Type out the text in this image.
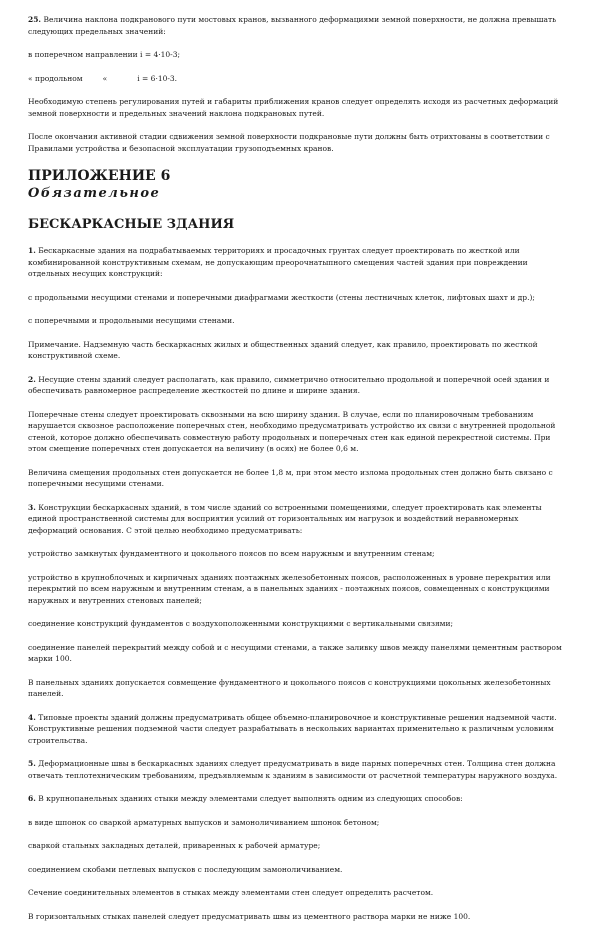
25. Величина наклона подкранового пути мостовых кранов, вызванного деформациями земной поверхности, не должна превышать следующих предельных значений:

в поперечном направлении i = 4·10-3;

« продольном	«	i = 6·10-3.

Необходимую степень регулирования путей и габариты приближения кранов следует определять исходя из расчетных деформаций земной поверхности и предельных значений наклона подкрановых путей.

После окончания активной стадии сдвижения земной поверхности подкрановые пути должны быть отрихтованы в соответствии с Правилами устройства и безопасной эксплуатации грузоподъемных кранов.

ПРИЛОЖЕНИЕ 6
Обязательное
БЕСКАРКАСНЫЕ ЗДАНИЯ

1. Бескаркасные здания на подрабатываемых территориях и просадочных грунтах следует проектировать по жесткой или комбинированной конструктивным схемам, не допускающим преорочнатыпного смещения частей здания при повреждении отдельных несущих конструкций:

с продольными несущими стенами и поперечными диафрагмами жесткости (стены лестничных клеток, лифтовых шахт и др.);

с поперечными и продольными несущими стенами.

Примечание. Надземную часть бескаркасных жилых и общественных зданий следует, как правило, проектировать по жесткой конструктивной схеме.

2. Несущие стены зданий следует располагать, как правило, симметрично относительно продольной и поперечной осей здания и обеспечивать равномерное распределение жесткостей по длине и ширине здания.

Поперечные стены следует проектировать сквозными на всю ширину здания. В случае, если по планировочным требованиям нарушается сквозное расположение поперечных стен, необходимо предусматривать устройство их связи с внутренней продольной стеной, которое должно обеспечивать совместную работу продольных и поперечных стен как единой перекрестной системы. При этом смещение поперечных стен допускается на величину (в осях) не более 0,6 м.

Величина смещения продольных стен допускается не более 1,8 м, при этом место излома продольных стен должно быть связано с поперечными несущими стенами.

3. Конструкции бескаркасных зданий, в том числе зданий со встроенными помещениями, следует проектировать как элементы единой пространственной системы для восприятия усилий от горизонтальных им нагрузок и воздействий неравномерных деформаций основания. С этой целью необходимо предусматривать:

устройство замкнутых фундаментного и цокольного поясов по всем наружным и внутренним стенам;

устройство в крупноблочных и кирпичных зданиях поэтажных железобетонных поясов, расположенных в уровне перекрытия или перекрытий по всем наружным и внутренним стенам, а в панельных зданиях - поэтажных поясов, совмещенных с конструкциями наружных и внутренних стеновых панелей;

соединение конструкций фундаментов с воздухоположенными конструкциями с вертикальными связями;

соединение панелей перекрытий между собой и с несущими стенами, а также заливку швов между панелями цементным раствором марки 100.

В панельных зданиях допускается совмещение фундаментного и цокольного поясов с конструкциями цокольных железобетонных панелей.

4. Типовые проекты зданий должны предусматривать общее объемно-планировочное и конструктивные решения надземной части. Конструктивные решения подземной части следует разрабатывать в нескольких вариантах применительно к различным условиям строительства.

5. Деформационные швы в бескаркасных зданиях следует предусматривать в виде парных поперечных стен. Толщина стен должна отвечать теплотехническим требованиям, предъявляемым к зданиям в зависимости от расчетной температуры наружного воздуха.

6. В крупнопанельных зданиях стыки между элементами следует выполнять одним из следующих способов:

в виде шпонок со сваркой арматурных выпусков и замоноличиванием шпонок бетоном;

сваркой стальных закладных деталей, приваренных к рабочей арматуре;

соединением скобами петлевых выпусков с последующим замоноличиванием.

Сечение соединительных элементов в стыках между элементами стен следует определять расчетом.

В горизонтальных стыках панелей следует предусматривать швы из цементного раствора марки не ниже 100.
